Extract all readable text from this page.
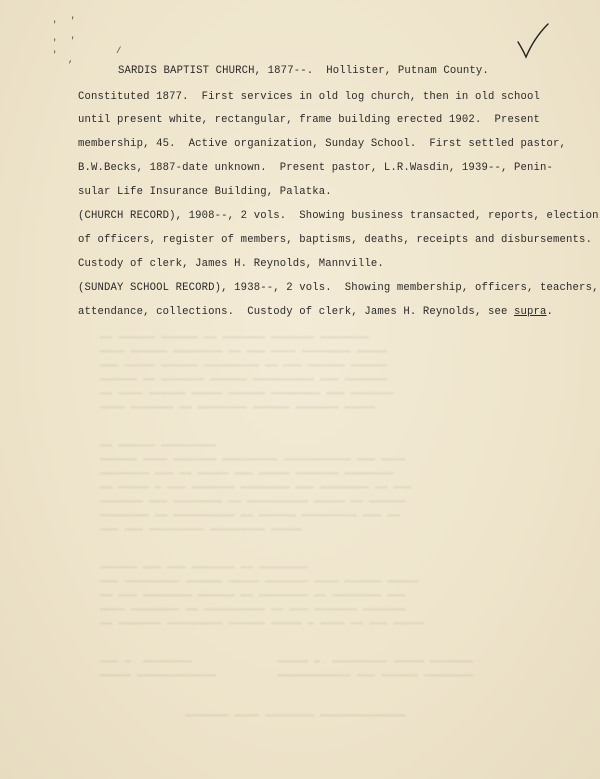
' '
' '
' ,
/
▬▬ ▬▬▬▬▬▬ ▬▬▬▬▬▬ ▬▬ ▬▬▬▬▬▬▬ ▬▬▬▬▬▬▬ ▬▬▬▬▬▬▬▬
▬▬▬▬ ▬▬▬▬▬▬ ▬▬▬▬▬▬▬▬ ▬▬ ▬▬▬ ▬▬▬▬ ▬▬▬▬▬▬▬▬ ▬▬▬▬▬
▬▬▬ ▬▬▬▬▬ ▬▬▬▬▬▬ ▬▬▬▬▬▬▬▬▬ ▬▬ ▬▬▬ ▬▬▬▬▬▬ ▬▬▬▬▬▬
▬▬▬▬▬▬ ▬▬ ▬▬▬▬▬▬▬ ▬▬▬▬▬▬ ▬▬▬▬▬▬▬▬▬▬ ▬▬▬ ▬▬▬▬▬▬▬
▬▬ ▬▬▬▬ ▬▬▬▬▬▬ ▬▬▬▬▬ ▬▬▬▬▬▬ ▬▬▬▬▬▬▬▬ ▬▬▬ ▬▬▬▬▬▬▬
▬▬▬▬ ▬▬▬▬▬▬▬ ▬▬ ▬▬▬▬▬▬▬▬ ▬▬▬▬▬▬ ▬▬▬▬▬▬▬ ▬▬▬▬▬
▬▬ ▬▬▬▬▬▬ ▬▬▬▬▬▬▬▬▬
▬▬▬▬▬▬ ▬▬▬▬ ▬▬▬▬▬▬▬ ▬▬▬▬▬▬▬▬▬ ▬▬▬▬▬▬▬▬▬▬▬ ▬▬▬ ▬▬▬▬
▬▬▬▬▬▬▬▬ ▬▬▬ ▬▬ ▬▬▬▬▬ ▬▬▬ ▬▬▬▬▬ ▬▬▬▬▬▬▬ ▬▬▬▬▬▬▬▬
▬▬ ▬▬▬▬▬ ▬ ▬▬▬ ▬▬▬▬▬▬▬ ▬▬▬▬▬▬▬▬ ▬▬▬ ▬▬▬▬▬▬▬▬ ▬▬ ▬▬▬
▬▬▬▬▬▬▬ ▬▬▬ ▬▬▬▬▬▬▬▬ ▬▬ ▬▬▬▬▬▬▬▬▬▬ ▬▬▬▬▬ ▬▬ ▬▬▬▬▬▬
▬▬▬▬▬▬▬▬ ▬▬ ▬▬▬▬▬▬▬▬▬▬ ▬▬ ▬▬▬▬▬▬ ▬▬▬▬▬▬▬▬▬ ▬▬▬ ▬▬
▬▬▬ ▬▬▬ ▬▬▬▬▬▬▬▬▬ ▬▬▬▬▬▬▬▬▬ ▬▬▬▬▬
▬▬▬▬▬▬ ▬▬▬ ▬▬▬ ▬▬▬▬▬▬▬ ▬▬ ▬▬▬▬▬▬▬▬
▬▬▬ ▬▬▬▬▬▬▬▬▬ ▬▬▬▬▬▬ ▬▬▬▬▬ ▬▬▬▬▬▬▬ ▬▬▬▬ ▬▬▬▬▬▬ ▬▬▬▬▬
▬▬ ▬▬▬ ▬▬▬▬▬▬▬▬ ▬▬▬▬▬▬ ▬▬ ▬▬▬▬▬▬▬▬ ▬▬ ▬▬▬▬▬▬▬▬ ▬▬▬
▬▬▬▬ ▬▬▬▬▬▬▬▬ ▬▬ ▬▬▬▬▬▬▬▬▬▬ ▬▬ ▬▬▬ ▬▬▬▬▬▬▬ ▬▬▬▬▬▬▬
▬▬ ▬▬▬▬▬▬▬ ▬▬▬▬▬▬▬▬▬ ▬▬▬▬▬▬ ▬▬▬▬▬ ▬ ▬▬▬▬ ▬▬ ▬▬▬ ▬▬▬▬▬
▬▬▬ ▬. ▬▬▬▬▬▬▬▬              ▬▬▬▬▬ ▬. ▬▬▬▬▬▬▬▬▬ ▬▬▬▬▬ ▬▬▬▬▬▬▬
▬▬▬▬▬ ▬▬▬▬▬▬▬▬▬▬▬▬▬          ▬▬▬▬▬▬▬▬▬▬▬▬ ▬▬▬ ▬▬▬▬▬▬ ▬▬▬▬▬▬▬▬
▬▬▬▬▬▬▬ ▬▬▬▬ ▬▬▬▬▬▬▬▬ ▬▬▬▬▬▬▬▬▬▬▬▬▬▬
SARDIS BAPTIST CHURCH, 1877--.  Hollister, Putnam County.
Constituted 1877.  First services in old log church, then in old school
until present white, rectangular, frame building erected 1902.  Present
membership, 45.  Active organization, Sunday School.  First settled pastor,
B.W.Becks, 1887-date unknown.  Present pastor, L.R.Wasdin, 1939--, Penin-
sular Life Insurance Building, Palatka.
(CHURCH RECORD), 1908--, 2 vols.  Showing business transacted, reports, election
of officers, register of members, baptisms, deaths, receipts and disbursements.
Custody of clerk, James H. Reynolds, Mannville.
(SUNDAY SCHOOL RECORD), 1938--, 2 vols.  Showing membership, officers, teachers,
attendance, collections.  Custody of clerk, James H. Reynolds, see supra.
